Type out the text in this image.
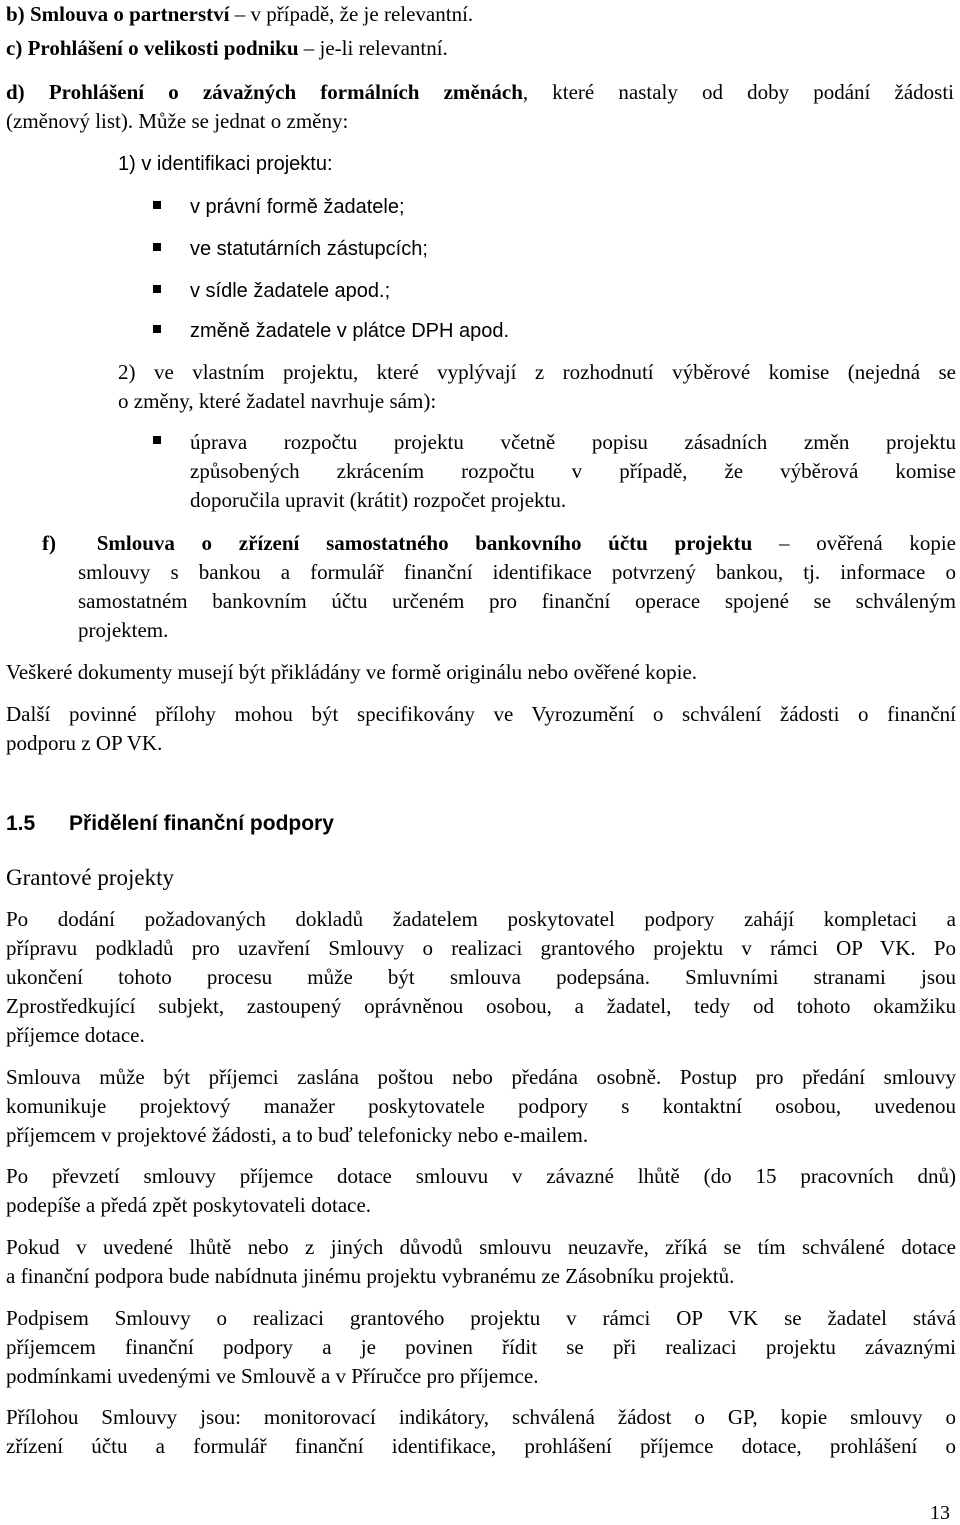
b) Smlouva o partnerství – v případě, že je relevantní.

c) Prohlášení o velikosti podniku – je-li relevantní.

d) Prohlášení o závažných formálních změnách, které nastaly od doby podání žádosti

(změnový list). Může se jednat o změny:

1) v identifikaci projektu:

v právní formě žadatele;

ve statutárních zástupcích;

v sídle žadatele apod.;

změně žadatele v plátce DPH apod.

2) ve vlastním projektu, které vyplývají z rozhodnutí výběrové komise (nejedná se

o změny, které žadatel navrhuje sám):

úprava rozpočtu projektu včetně popisu zásadních změn projektu

způsobených zkrácením rozpočtu v případě, že výběrová komise

doporučila upravit (krátit) rozpočet projektu.

f) Smlouva o zřízení samostatného bankovního účtu projektu – ověřená kopie

smlouvy s bankou a formulář finanční identifikace potvrzený bankou, tj. informace o

samostatném bankovním účtu určeném pro finanční operace spojené se schváleným

projektem.

Veškeré dokumenty musejí být přikládány ve formě originálu nebo ověřené kopie.

Další povinné přílohy mohou být specifikovány ve Vyrozumění o schválení žádosti o finanční

podporu z OP VK.

1.5 Přidělení finanční podpory
Grantové projekty

Po dodání požadovaných dokladů žadatelem poskytovatel podpory zahájí kompletaci a

přípravu podkladů pro uzavření Smlouvy o realizaci grantového projektu v rámci OP VK. Po

ukončení tohoto procesu může být smlouva podepsána. Smluvními stranami jsou

Zprostředkující subjekt, zastoupený oprávněnou osobou, a žadatel, tedy od tohoto okamžiku

příjemce dotace.

Smlouva může být příjemci zaslána poštou nebo předána osobně. Postup pro předání smlouvy

komunikuje projektový manažer poskytovatele podpory s kontaktní osobou, uvedenou

příjemcem v projektové žádosti, a to buď telefonicky nebo e-mailem.

Po převzetí smlouvy příjemce dotace smlouvu v závazné lhůtě (do 15 pracovních dnů)

podepíše a předá zpět poskytovateli dotace.

Pokud v uvedené lhůtě nebo z jiných důvodů smlouvu neuzavře, zříká se tím schválené dotace

a finanční podpora bude nabídnuta jinému projektu vybranému ze Zásobníku projektů.

Podpisem Smlouvy o realizaci grantového projektu v rámci OP VK se žadatel stává

příjemcem finanční podpory a je povinen řídit se při realizaci projektu závaznými

podmínkami uvedenými ve Smlouvě a v Příručce pro příjemce.

Přílohou Smlouvy jsou: monitorovací indikátory, schválená žádost o GP, kopie smlouvy o

zřízení účtu a formulář finanční identifikace, prohlášení příjemce dotace, prohlášení o

13
